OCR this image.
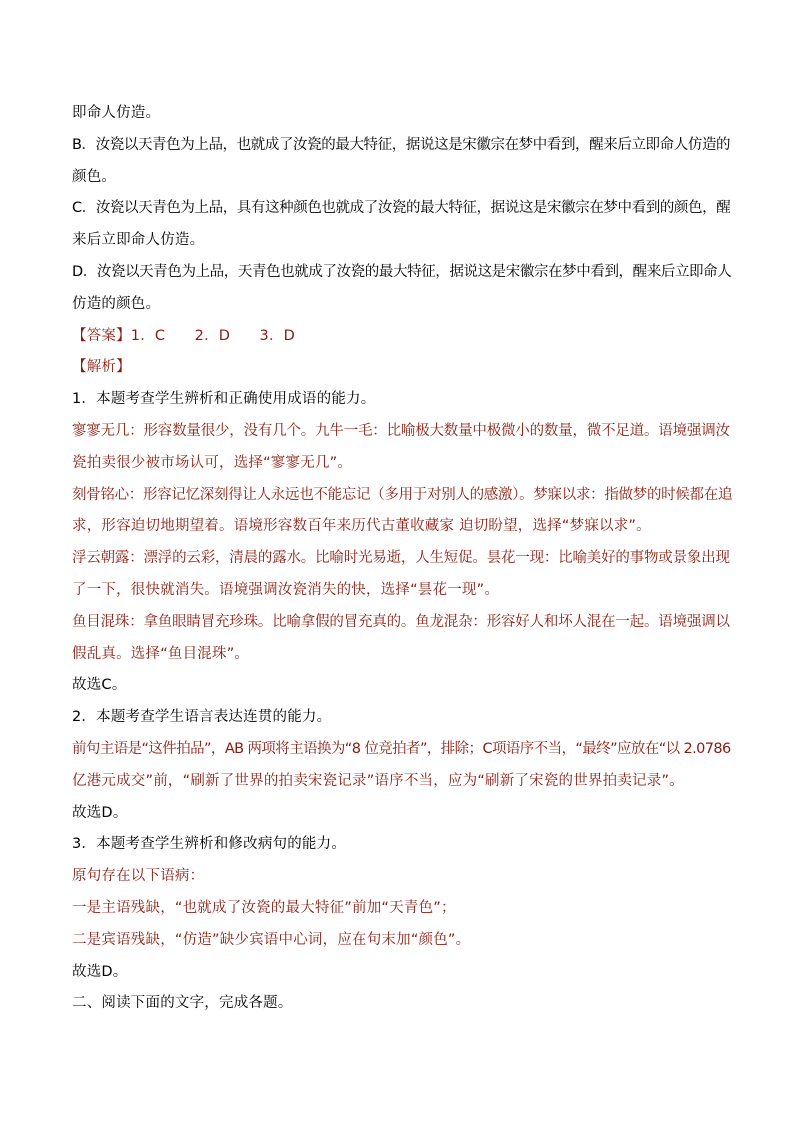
即命人仿造。
B．汝瓷以天青色为上品，也就成了汝瓷的最大特征，据说这是宋徽宗在梦中看到，醒来后立即命人仿造的
颜色。
C．汝瓷以天青色为上品，具有这种颜色也就成了汝瓷的最大特征，据说这是宋徽宗在梦中看到的颜色，醒
来后立即命人仿造。
D．汝瓷以天青色为上品，天青色也就成了汝瓷的最大特征，据说这是宋徽宗在梦中看到，醒来后立即命人
仿造的颜色。
【答案】1．C　　2．D　　3．D
【解析】
1．本题考查学生辨析和正确使用成语的能力。
寥寥无几：形容数量很少，没有几个。九牛一毛：比喻极大数量中极微小的数量，微不足道。语境强调汝
瓷拍卖很少被市场认可，选择“寥寥无几”。
刻骨铭心：形容记忆深刻得让人永远也不能忘记（多用于对别人的感激）。梦寐以求：指做梦的时候都在追
求，形容迫切地期望着。语境形容数百年来历代古董收藏家 迫切盼望，选择“梦寐以求”。
浮云朝露：漂浮的云彩，清晨的露水。比喻时光易逝，人生短促。昙花一现：比喻美好的事物或景象出现
了一下，很快就消失。语境强调汝瓷消失的快，选择“昙花一现”。
鱼目混珠：拿鱼眼睛冒充珍珠。比喻拿假的冒充真的。鱼龙混杂：形容好人和坏人混在一起。语境强调以
假乱真。选择“鱼目混珠”。
故选C。
2．本题考查学生语言表达连贯的能力。
前句主语是“这件拍品”，AB 两项将主语换为“8 位竞拍者”，排除；C项语序不当，“最终”应放在“以 2.0786
亿港元成交”前，“刷新了世界的拍卖宋瓷记录”语序不当，应为“刷新了宋瓷的世界拍卖记录”。
故选D。
3．本题考查学生辨析和修改病句的能力。
原句存在以下语病：
一是主语残缺，“也就成了汝瓷的最大特征”前加“天青色”；
二是宾语残缺，“仿造”缺少宾语中心词，应在句末加“颜色”。
故选D。
二、阅读下面的文字，完成各题。
